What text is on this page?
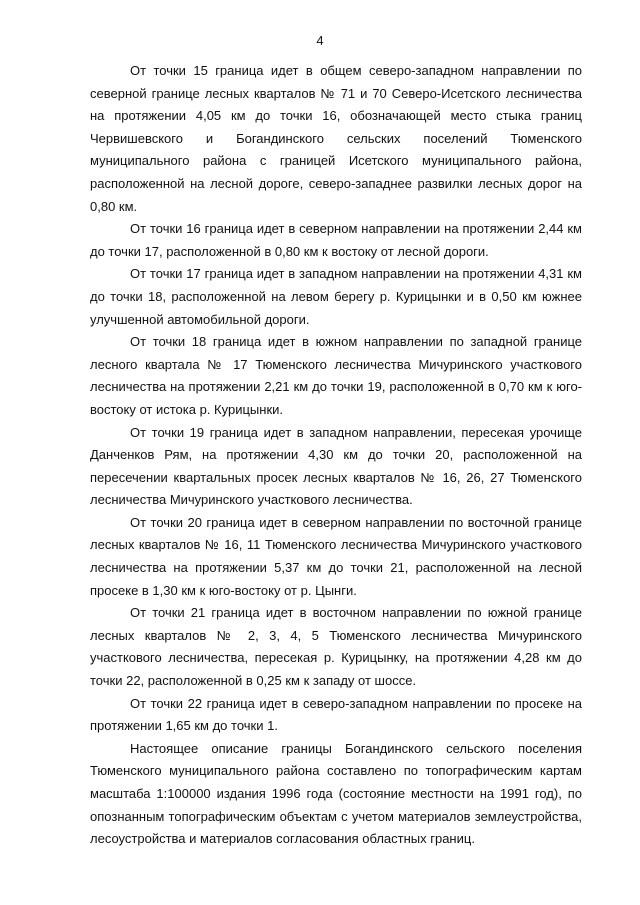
4

От точки 15 граница идет в общем северо-западном направлении по северной границе лесных кварталов № 71 и 70 Северо-Исетского лесничества на протяжении 4,05 км до точки 16, обозначающей место стыка границ Червишевского и Богандинского сельских поселений Тюменского муниципального района с границей Исетского муниципального района, расположенной на лесной дороге, северо-западнее развилки лесных дорог на 0,80 км.

От точки 16 граница идет в северном направлении на протяжении 2,44 км до точки 17, расположенной в 0,80 км к востоку от лесной дороги.

От точки 17 граница идет в западном направлении на протяжении 4,31 км до точки 18, расположенной на левом берегу р. Курицынки и в 0,50 км южнее улучшенной автомобильной дороги.

От точки 18 граница идет в южном направлении по западной границе лесного квартала № 17 Тюменского лесничества Мичуринского участкового лесничества на протяжении 2,21 км до точки 19, расположенной в 0,70 км к юго-востоку от истока р. Курицынки.

От точки 19 граница идет в западном направлении, пересекая урочище Данченков Рям, на протяжении 4,30 км до точки 20, расположенной на пересечении квартальных просек лесных кварталов № 16, 26, 27 Тюменского лесничества Мичуринского участкового лесничества.

От точки 20 граница идет в северном направлении по восточной границе лесных кварталов № 16, 11 Тюменского лесничества Мичуринского участкового лесничества на протяжении 5,37 км до точки 21, расположенной на лесной просеке в 1,30 км к юго-востоку от р. Цынги.

От точки 21 граница идет в восточном направлении по южной границе лесных кварталов № 2, 3, 4, 5 Тюменского лесничества Мичуринского участкового лесничества, пересекая р. Курицынку, на протяжении 4,28 км до точки 22, расположенной в 0,25 км к западу от шоссе.

От точки 22 граница идет в северо-западном направлении по просеке на протяжении 1,65 км до точки 1.

Настоящее описание границы Богандинского сельского поселения Тюменского муниципального района составлено по топографическим картам масштаба 1:100000 издания 1996 года (состояние местности на 1991 год), по опознанным топографическим объектам с учетом материалов землеустройства, лесоустройства и материалов согласования областных границ.
